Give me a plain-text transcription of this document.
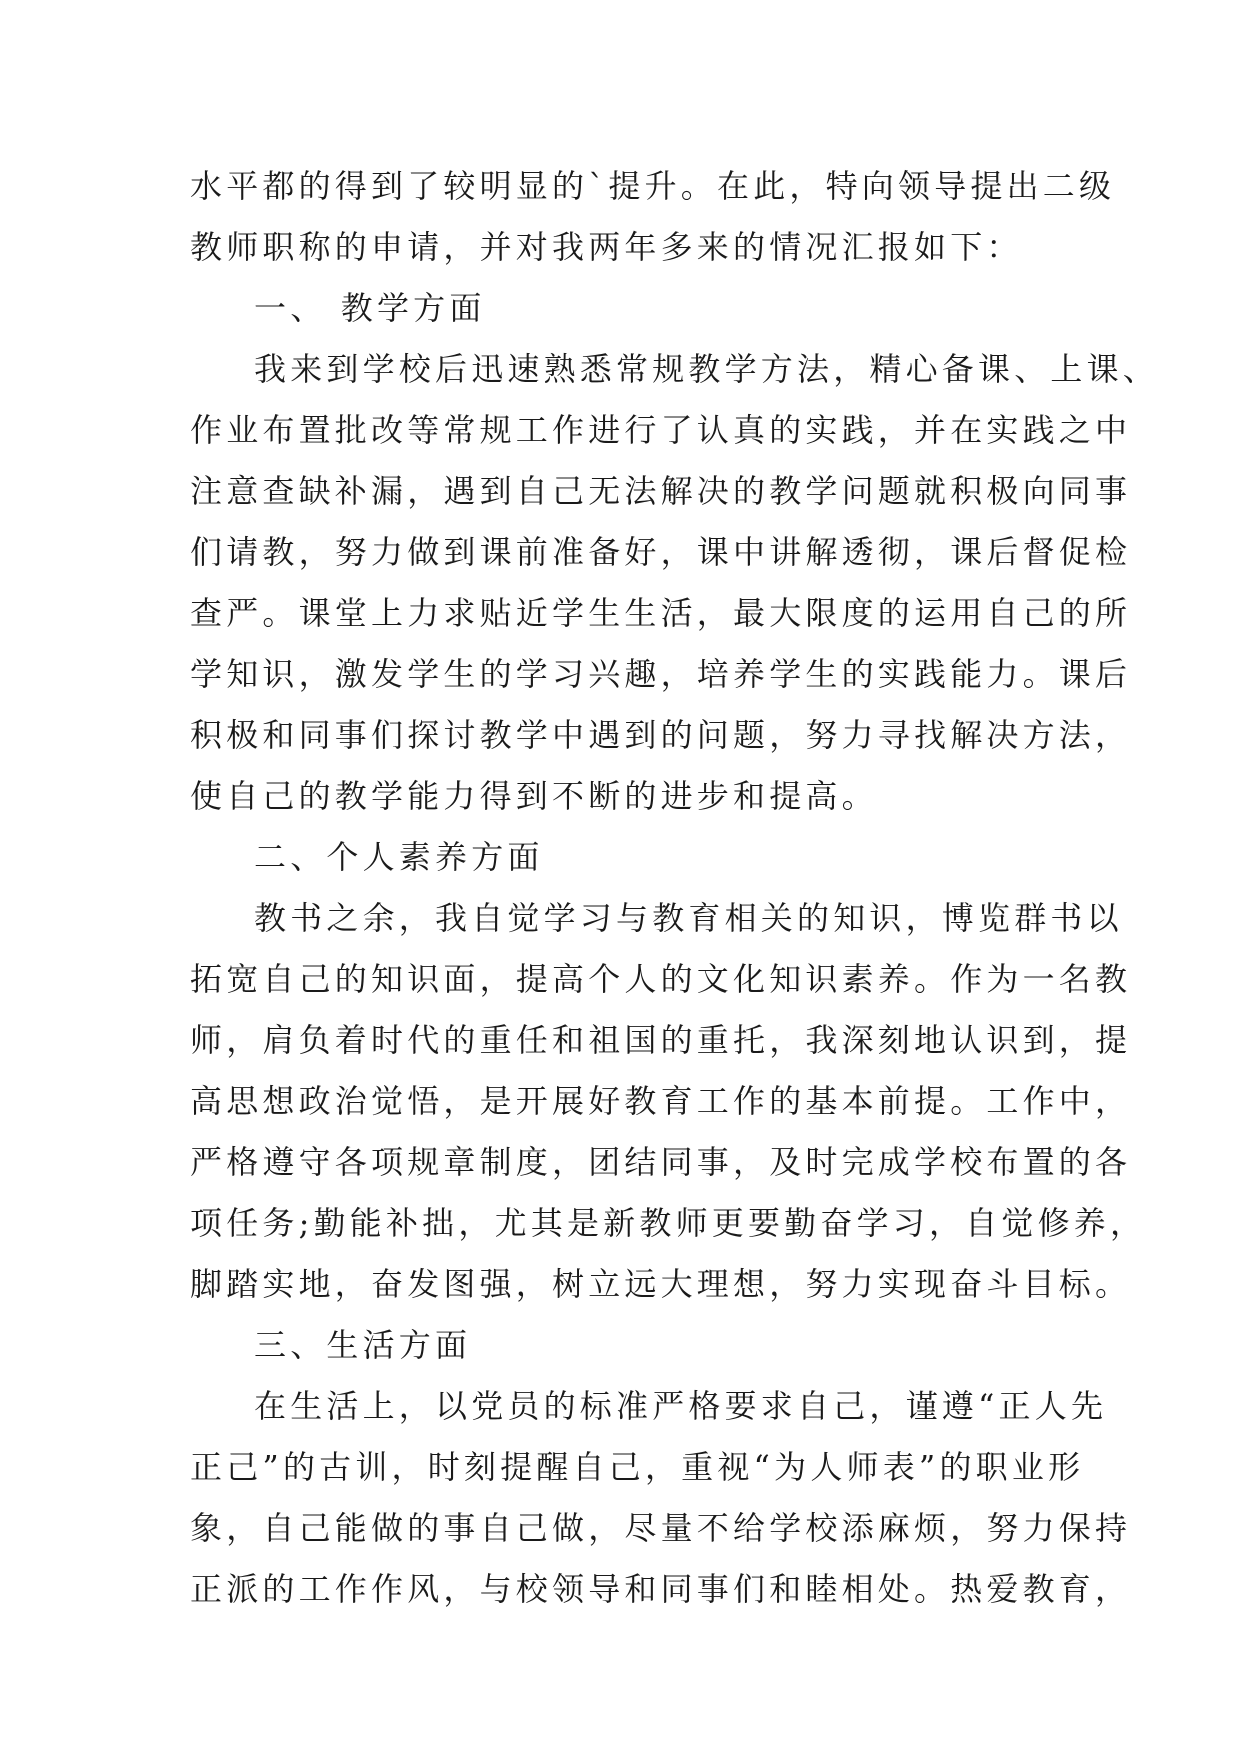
水平都的得到了较明显的`提升。在此，特向领导提出二级
教师职称的申请，并对我两年多来的情况汇报如下：
一、 教学方面
我来到学校后迅速熟悉常规教学方法，精心备课、上课、
作业布置批改等常规工作进行了认真的实践，并在实践之中
注意查缺补漏，遇到自己无法解决的教学问题就积极向同事
们请教，努力做到课前准备好，课中讲解透彻，课后督促检
查严。课堂上力求贴近学生生活，最大限度的运用自己的所
学知识，激发学生的学习兴趣，培养学生的实践能力。课后
积极和同事们探讨教学中遇到的问题，努力寻找解决方法，
使自己的教学能力得到不断的进步和提高。
二、个人素养方面
教书之余，我自觉学习与教育相关的知识，博览群书以
拓宽自己的知识面，提高个人的文化知识素养。作为一名教
师，肩负着时代的重任和祖国的重托，我深刻地认识到，提
高思想政治觉悟，是开展好教育工作的基本前提。工作中，
严格遵守各项规章制度，团结同事，及时完成学校布置的各
项任务;勤能补拙，尤其是新教师更要勤奋学习，自觉修养，
脚踏实地，奋发图强，树立远大理想，努力实现奋斗目标。
三、生活方面
在生活上，以党员的标准严格要求自己，谨遵“正人先
正己”的古训，时刻提醒自己，重视“为人师表”的职业形
象，自己能做的事自己做，尽量不给学校添麻烦，努力保持
正派的工作作风，与校领导和同事们和睦相处。热爱教育，
